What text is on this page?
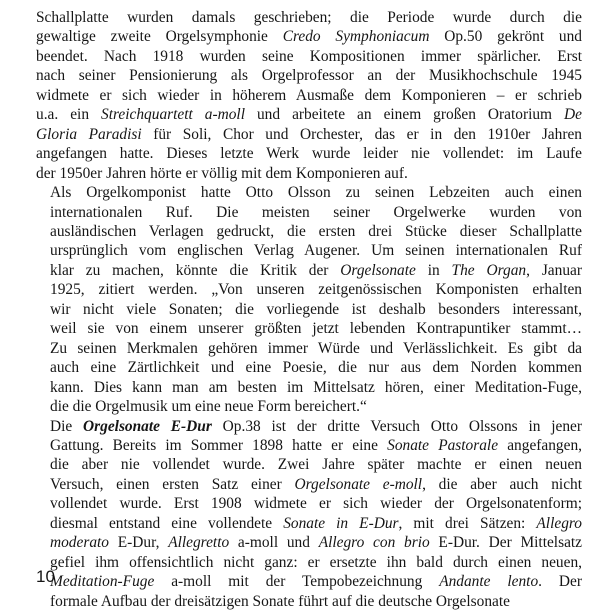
Schallplatte wurden damals geschrieben; die Periode wurde durch die
gewaltige zweite Orgelsymphonie Credo Symphoniacum Op.50 gekrönt und
beendet. Nach 1918 wurden seine Kompositionen immer spärlicher. Erst
nach seiner Pensionierung als Orgelprofessor an der Musikhochschule 1945
widmete er sich wieder in höherem Ausmaße dem Komponieren – er schrieb
u.a. ein Streichquartett a-moll und arbeitete an einem großen Oratorium De
Gloria Paradisi für Soli, Chor und Orchester, das er in den 1910er Jahren
angefangen hatte. Dieses letzte Werk wurde leider nie vollendet: im Laufe
der 1950er Jahren hörte er völlig mit dem Komponieren auf.

Als Orgelkomponist hatte Otto Olsson zu seinen Lebzeiten auch einen
internationalen Ruf. Die meisten seiner Orgelwerke wurden von
ausländischen Verlagen gedruckt, die ersten drei Stücke dieser Schallplatte
ursprünglich vom englischen Verlag Augener. Um seinen internationalen Ruf
klar zu machen, könnte die Kritik der Orgelsonate in The Organ, Januar
1925, zitiert werden. „Von unseren zeitgenössischen Komponisten erhalten
wir nicht viele Sonaten; die vorliegende ist deshalb besonders interessant,
weil sie von einem unserer größten jetzt lebenden Kontrapuntiker stammt…
Zu seinen Merkmalen gehören immer Würde und Verlässlichkeit. Es gibt da
auch eine Zärtlichkeit und eine Poesie, die nur aus dem Norden kommen
kann. Dies kann man am besten im Mittelsatz hören, einer Meditation-Fuge,
die die Orgelmusik um eine neue Form bereichert.“

Die Orgelsonate E-Dur Op.38 ist der dritte Versuch Otto Olssons in jener
Gattung. Bereits im Sommer 1898 hatte er eine Sonate Pastorale angefangen,
die aber nie vollendet wurde. Zwei Jahre später machte er einen neuen
Versuch, einen ersten Satz einer Orgelsonate e-moll, die aber auch nicht
vollendet wurde. Erst 1908 widmete er sich wieder der Orgelsonatenform;
diesmal entstand eine vollendete Sonate in E-Dur, mit drei Sätzen: Allegro
moderato E-Dur, Allegretto a-moll und Allegro con brio E-Dur. Der Mittelsatz
gefiel ihm offensichtlich nicht ganz: er ersetzte ihn bald durch einen neuen,
Meditation-Fuge a-moll mit der Tempobezeichnung Andante lento. Der
formale Aufbau der dreisätzigen Sonate führt auf die deutsche Orgelsonate

10
